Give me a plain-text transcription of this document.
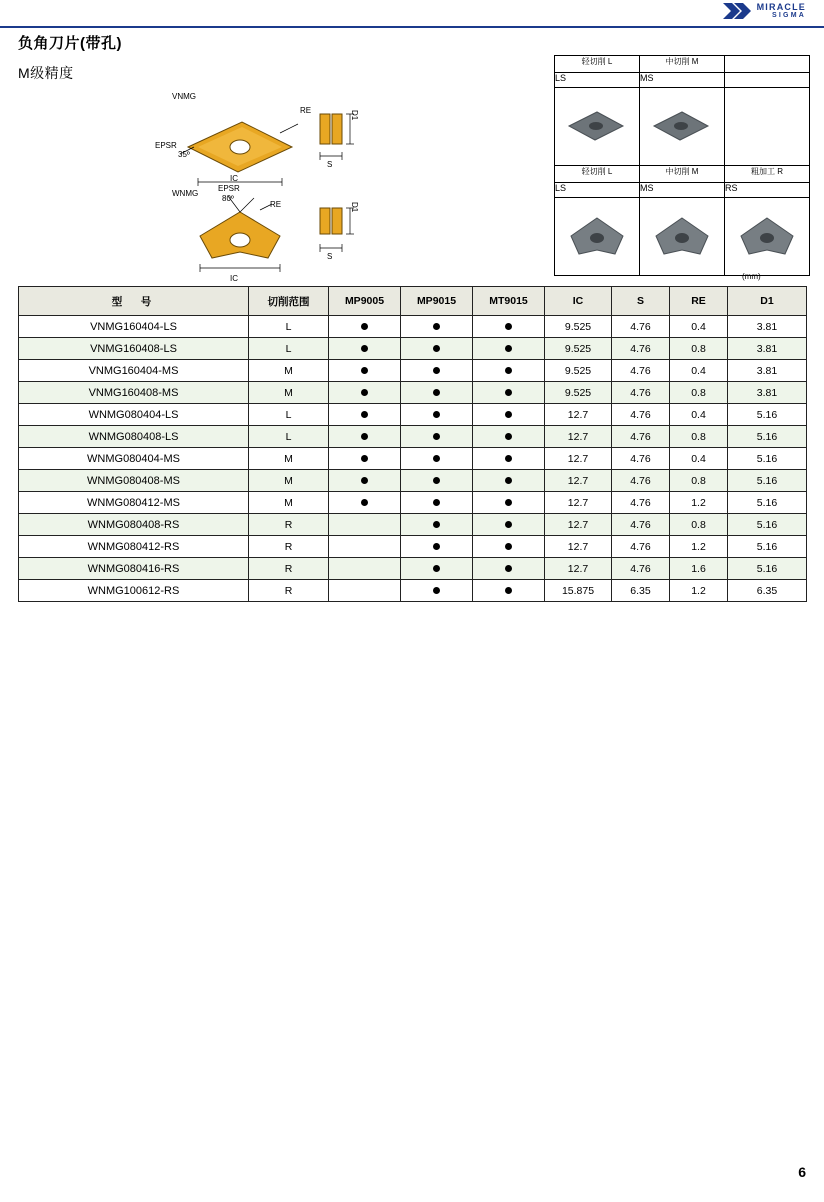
MIRACLE
SIGMA
负角刀片(带孔)
M级精度
VNMG
RE
EPSR
35º
IC
D1
S
WNMG
EPSR
80º
RE
IC
D1
S
轻切削 L	中切削 M	
LS	MS	

轻切削 L	中切削 M	粗加工 R
LS	MS	RS

(mm)
型　号	切削范围	MP9005	MP9015	MT9015	IC	S	RE	D1
VNMG160404-LS	L				9.525	4.76	0.4	3.81
VNMG160408-LS	L				9.525	4.76	0.8	3.81
VNMG160404-MS	M				9.525	4.76	0.4	3.81
VNMG160408-MS	M				9.525	4.76	0.8	3.81
WNMG080404-LS	L				12.7	4.76	0.4	5.16
WNMG080408-LS	L				12.7	4.76	0.8	5.16
WNMG080404-MS	M				12.7	4.76	0.4	5.16
WNMG080408-MS	M				12.7	4.76	0.8	5.16
WNMG080412-MS	M				12.7	4.76	1.2	5.16
WNMG080408-RS	R				12.7	4.76	0.8	5.16
WNMG080412-RS	R				12.7	4.76	1.2	5.16
WNMG080416-RS	R				12.7	4.76	1.6	5.16
WNMG100612-RS	R				15.875	6.35	1.2	6.35
6
